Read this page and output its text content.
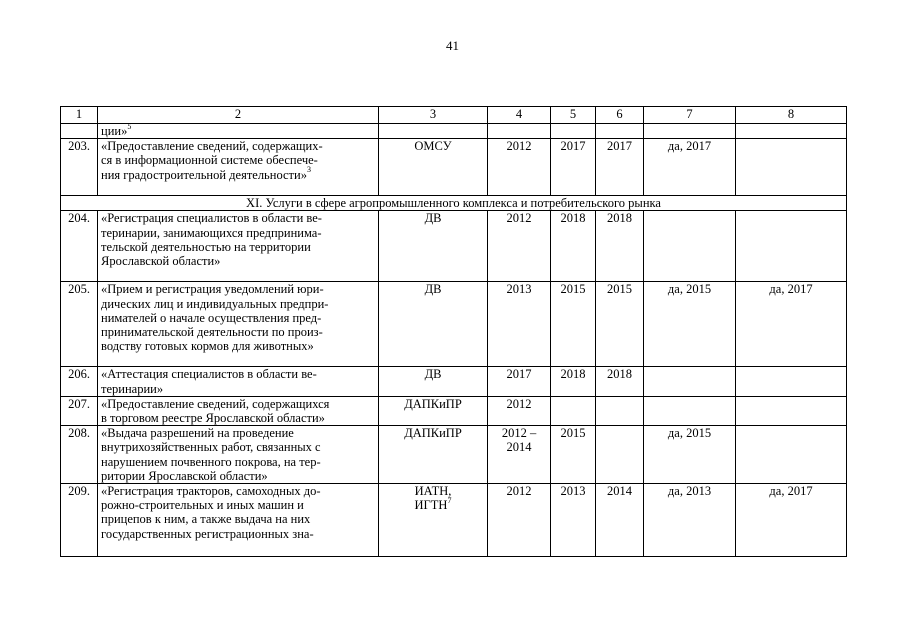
41
1	2	3	4	5	6	7	8

	ции»$^5$

203.	«Предоставление сведений, содержащих-
ся в информационной системе обеспече-
ния градостроительной деятельности»$^3$	ОМСУ	2012	2017	2017	да, 2017	

XI. Услуги в сфере агропромышленного комплекса и потребительского рынка							

204.	«Регистрация специалистов в области ве-
теринарии, занимающихся предпринима-
тельской деятельностью на территории
Ярославской области»	ДВ	2012	2018	2018		

205.	«Прием и регистрация уведомлений юри-
дических лиц и индивидуальных предпри-
нимателей о начале осуществления пред-
принимательской деятельности по произ-
водству готовых кормов для животных»	ДВ	2013	2015	2015	да, 2015	да, 2017

206.	«Аттестация специалистов в области ве-
теринарии»	ДВ	2017	2018	2018		

207.	«Предоставление сведений, содержащихся
в торговом реестре Ярославской области»	ДАПКиПР	2012				

208.	«Выдача разрешений на проведение
внутрихозяйственных работ, связанных с
нарушением почвенного покрова, на тер-
ритории Ярославской области»	ДАПКиПР	2012 –
2014	2015		да, 2015	

209.	«Регистрация тракторов, самоходных до-
рожно-строительных и иных машин и
прицепов к ним, а также выдача на них
государственных регистрационных зна-	ИАТН,
ИГТН$^7$	2012	2013	2014	да, 2013	да, 2017
